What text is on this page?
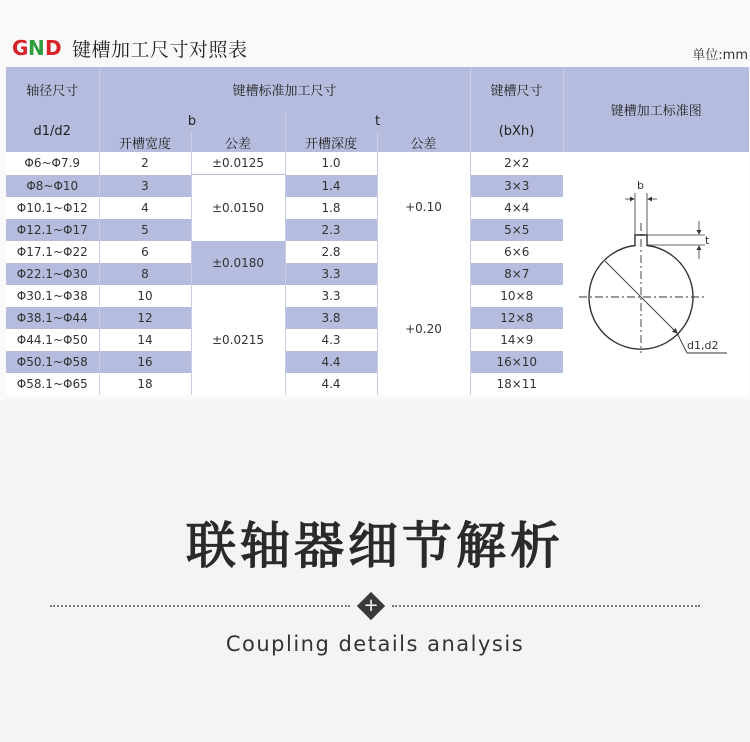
G N D 键槽加工尺寸对照表	单位:mm
轴径尺寸	键槽标准加工尺寸				键槽尺寸	键槽加工标准图
d1/d2	b		t		(bXh)	
	开槽宽度	公差	开槽深度	公差		
Φ6~Φ7.9	2	±0.0125	1.0	+0.10	2×2	b
t
d1,d2

Φ8~Φ10	3	±0.0150	1.4		3×3	
Φ10.1~Φ12	4		1.8		4×4	
Φ12.1~Φ17	5		2.3		5×5	
Φ17.1~Φ22	6	±0.0180	2.8		6×6	
Φ22.1~Φ30	8		3.3	+0.20	8×7	
Φ30.1~Φ38	10	±0.0215	3.3		10×8	
Φ38.1~Φ44	12		3.8		12×8	
Φ44.1~Φ50	14		4.3		14×9	
Φ50.1~Φ58	16		4.4		16×10	
Φ58.1~Φ65	18		4.4		18×11	
联轴器细节解析
+
Coupling details analysis
